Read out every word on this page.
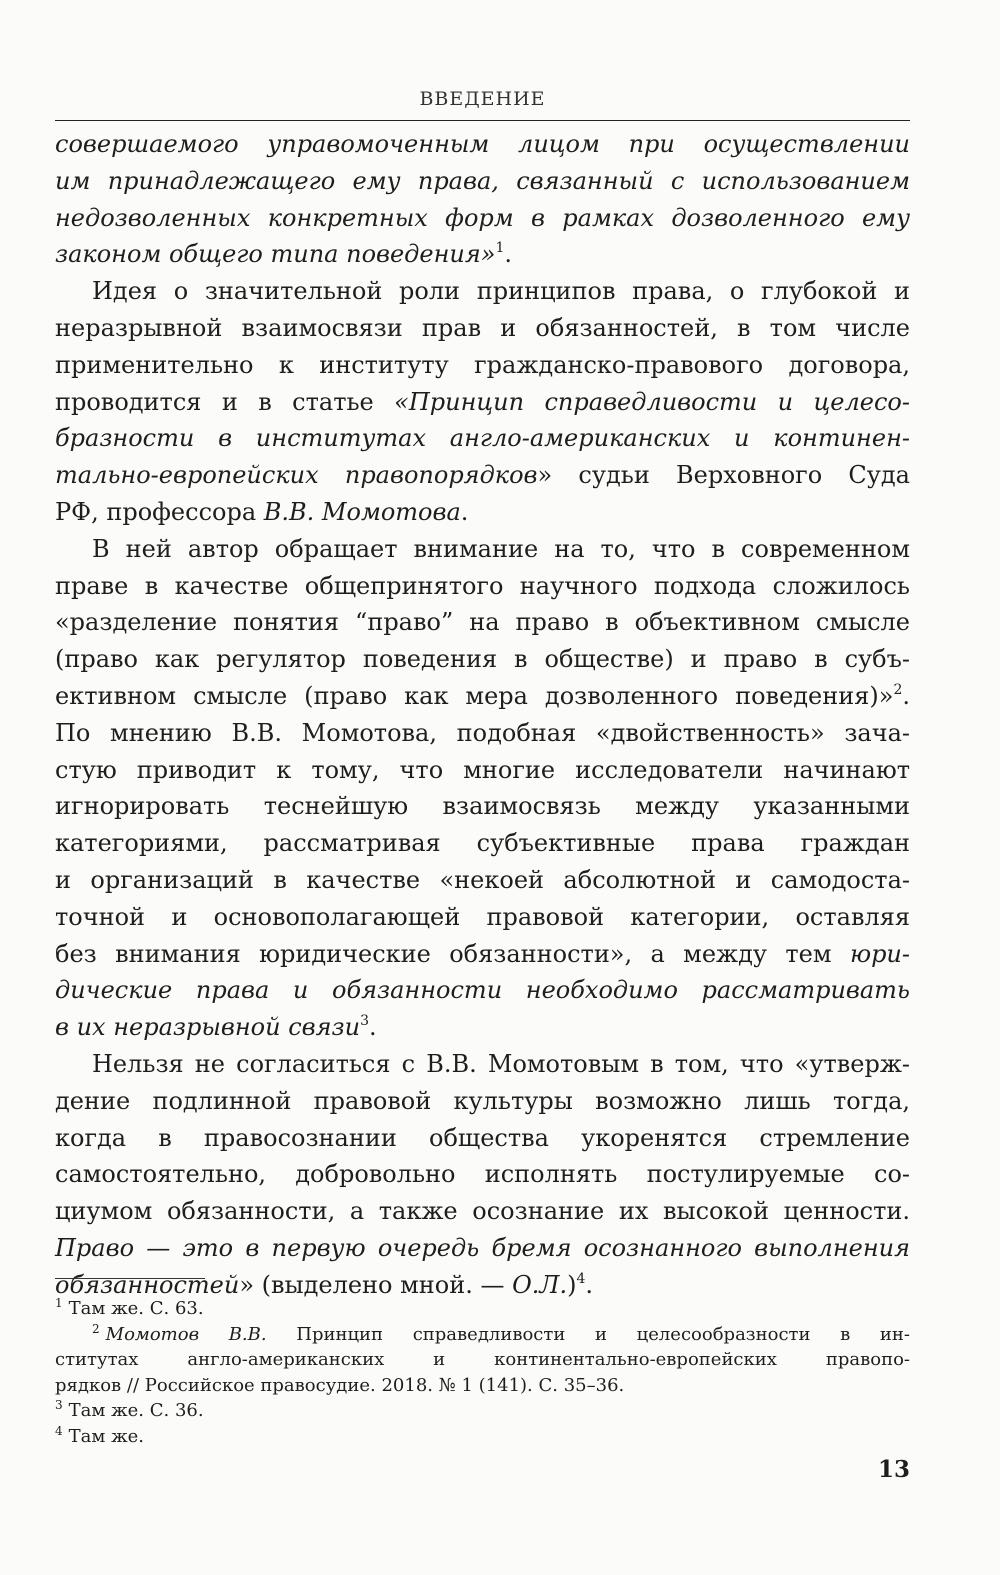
ВВЕДЕНИЕ

совершаемого управомоченным лицом при осуществлении
им принадлежащего ему права, связанный с использованием
недозволенных конкретных форм в рамках дозволенного ему
законом общего типа поведения»$^1$.

Идея о значительной роли принципов права, о глубокой и
неразрывной взаимосвязи прав и обязанностей, в том числе
применительно к институту гражданско-правового договора,
проводится и в статье «Принцип справедливости и целесо-
бразности в институтах англо-американских и континен-
тально-европейских правопорядков» судьи Верховного Суда
РФ, профессора В.В. Момотова.

В ней автор обращает внимание на то, что в современном
праве в качестве общепринятого научного подхода сложилось
«разделение понятия “право” на право в объективном смысле
(право как регулятор поведения в обществе) и право в субъ-
ективном смысле (право как мера дозволенного поведения)»$^2$.
По мнению В.В. Момотова, подобная «двойственность» зача-
стую приводит к тому, что многие исследователи начинают
игнорировать теснейшую взаимосвязь между указанными
категориями, рассматривая субъективные права граждан
и организаций в качестве «некоей абсолютной и самодоста-
точной и основополагающей правовой категории, оставляя
без внимания юридические обязанности», а между тем юри-
дические права и обязанности необходимо рассматривать
в их неразрывной связи$^3$.

Нельзя не согласиться с В.В. Момотовым в том, что «утверж-
дение подлинной правовой культуры возможно лишь тогда,
когда в правосознании общества укоренятся стремление
самостоятельно, добровольно исполнять постулируемые со-
циумом обязанности, а также осознание их высокой ценности.
Право — это в первую очередь бремя осознанного выполнения
обязанностей» (выделено мной. — О.Л.)$^4$.

$^1$ Там же. С. 63.
$^2$ Момотов В.В. Принцип справедливости и целесообразности в ин-
ститутах англо-американских и континентально-европейских правопо-
рядков // Российское правосудие. 2018. № 1 (141). С. 35–36.
$^3$ Там же. С. 36.
$^4$ Там же.
13
